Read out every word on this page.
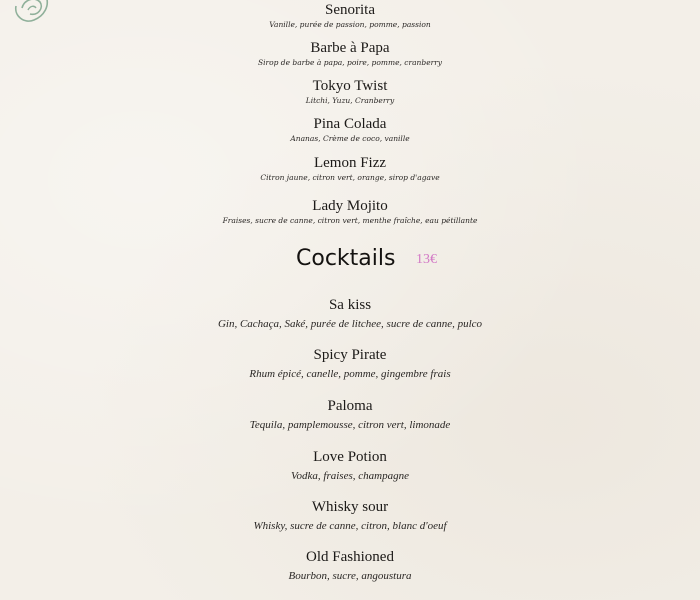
Senorita
Vanille, purée de passion, pomme, passion
Barbe à Papa
Sirop de barbe à papa, poire, pomme, cranberry
Tokyo Twist
Litchi, Yuzu, Cranberry
Pina Colada
Ananas, Crème de coco, vanille
Lemon Fizz
Citron jaune, citron vert, orange, sirop d'agave
Lady Mojito
Fraises, sucre de canne, citron vert, menthe fraîche, eau pétillante
Cocktails 13€
Sa kiss
Gin, Cachaça, Saké, purée de litchee, sucre de canne, pulco
Spicy Pirate
Rhum épicé, canelle, pomme, gingembre frais
Paloma
Tequila, pamplemousse, citron vert, limonade
Love Potion
Vodka, fraises, champagne
Whisky sour
Whisky, sucre de canne, citron, blanc d'oeuf
Old Fashioned
Bourbon, sucre, angoustura
